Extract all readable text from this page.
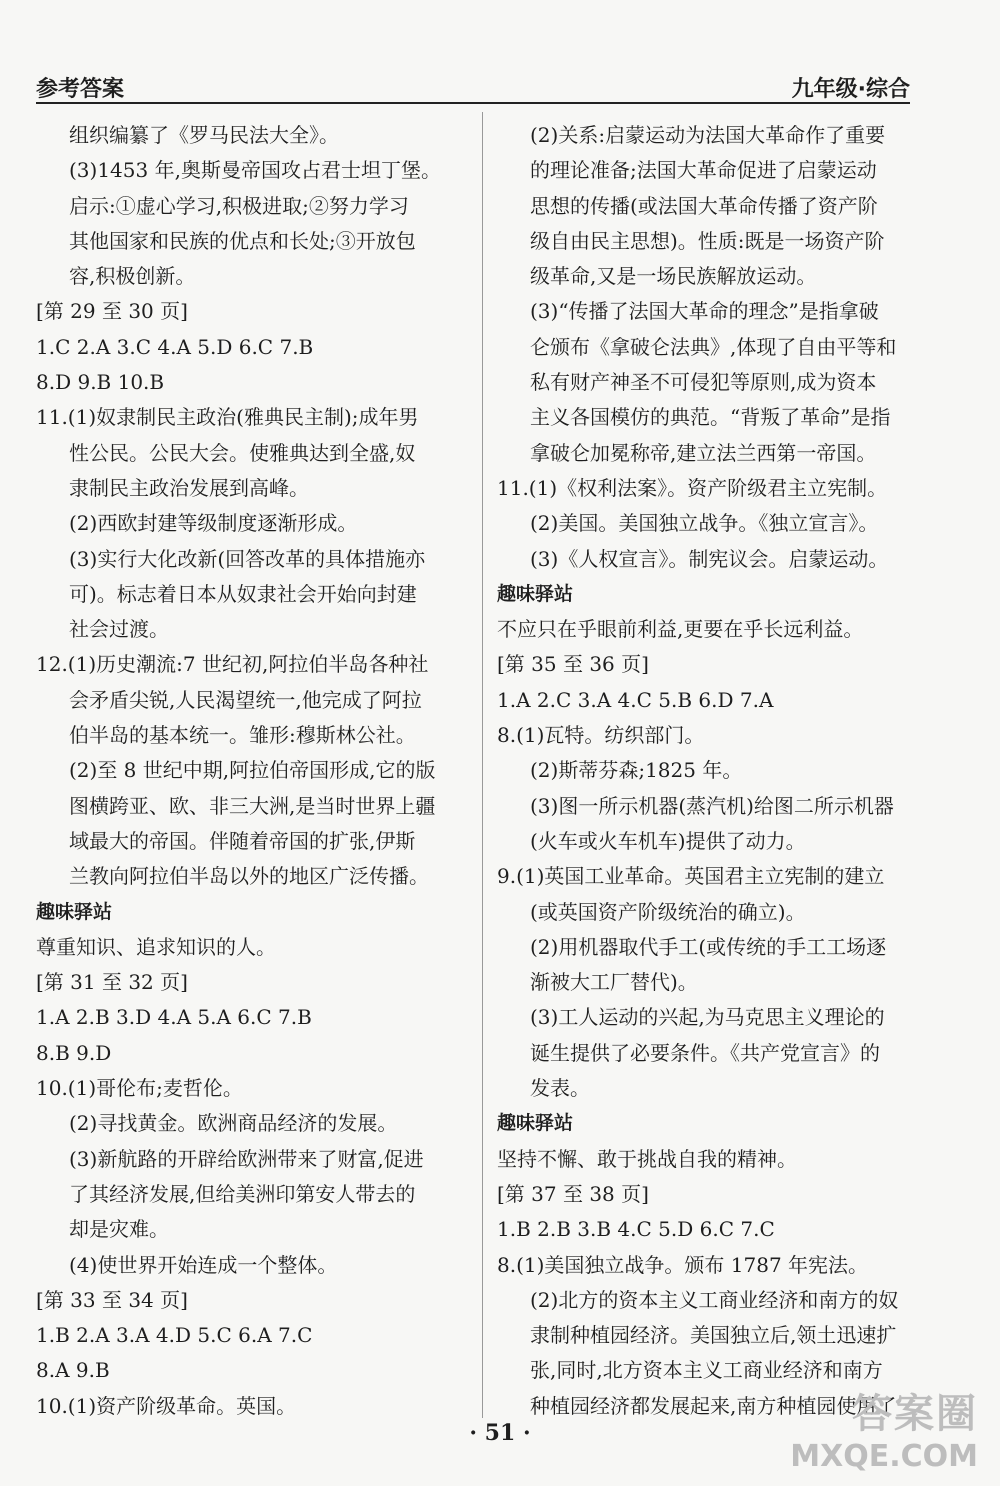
参考答案	九年级·综合
组织编纂了《罗马民法大全》。
(3)1453 年,奥斯曼帝国攻占君士坦丁堡。
启示:①虚心学习,积极进取;②努力学习
其他国家和民族的优点和长处;③开放包
容,积极创新。
[第 29 至 30 页]
1.C 2.A 3.C 4.A 5.D 6.C 7.B
8.D 9.B 10.B
11.(1)奴隶制民主政治(雅典民主制);成年男
性公民。公民大会。使雅典达到全盛,奴
隶制民主政治发展到高峰。
(2)西欧封建等级制度逐渐形成。
(3)实行大化改新(回答改革的具体措施亦
可)。标志着日本从奴隶社会开始向封建
社会过渡。
12.(1)历史潮流:7 世纪初,阿拉伯半岛各种社
会矛盾尖锐,人民渴望统一,他完成了阿拉
伯半岛的基本统一。雏形:穆斯林公社。
(2)至 8 世纪中期,阿拉伯帝国形成,它的版
图横跨亚、欧、非三大洲,是当时世界上疆
域最大的帝国。伴随着帝国的扩张,伊斯
兰教向阿拉伯半岛以外的地区广泛传播。
趣味驿站
尊重知识、追求知识的人。
[第 31 至 32 页]
1.A 2.B 3.D 4.A 5.A 6.C 7.B
8.B 9.D
10.(1)哥伦布;麦哲伦。
(2)寻找黄金。欧洲商品经济的发展。
(3)新航路的开辟给欧洲带来了财富,促进
了其经济发展,但给美洲印第安人带去的
却是灾难。
(4)使世界开始连成一个整体。
[第 33 至 34 页]
1.B 2.A 3.A 4.D 5.C 6.A 7.C
8.A 9.B
10.(1)资产阶级革命。英国。
(2)关系:启蒙运动为法国大革命作了重要
的理论准备;法国大革命促进了启蒙运动
思想的传播(或法国大革命传播了资产阶
级自由民主思想)。性质:既是一场资产阶
级革命,又是一场民族解放运动。
(3)“传播了法国大革命的理念”是指拿破
仑颁布《拿破仑法典》,体现了自由平等和
私有财产神圣不可侵犯等原则,成为资本
主义各国模仿的典范。“背叛了革命”是指
拿破仑加冕称帝,建立法兰西第一帝国。
11.(1)《权利法案》。资产阶级君主立宪制。
(2)美国。美国独立战争。《独立宣言》。
(3)《人权宣言》。制宪议会。启蒙运动。
趣味驿站
不应只在乎眼前利益,更要在乎长远利益。
[第 35 至 36 页]
1.A 2.C 3.A 4.C 5.B 6.D 7.A
8.(1)瓦特。纺织部门。
(2)斯蒂芬森;1825 年。
(3)图一所示机器(蒸汽机)给图二所示机器
(火车或火车机车)提供了动力。
9.(1)英国工业革命。英国君主立宪制的建立
(或英国资产阶级统治的确立)。
(2)用机器取代手工(或传统的手工工场逐
渐被大工厂替代)。
(3)工人运动的兴起,为马克思主义理论的
诞生提供了必要条件。《共产党宣言》的
发表。
趣味驿站
坚持不懈、敢于挑战自我的精神。
[第 37 至 38 页]
1.B 2.B 3.B 4.C 5.D 6.C 7.C
8.(1)美国独立战争。颁布 1787 年宪法。
(2)北方的资本主义工商业经济和南方的奴
隶制种植园经济。美国独立后,领土迅速扩
张,同时,北方资本主义工商业经济和南方
种植园经济都发展起来,南方种植园使用了
· 51 ·	答案圈
MXQE.COM
